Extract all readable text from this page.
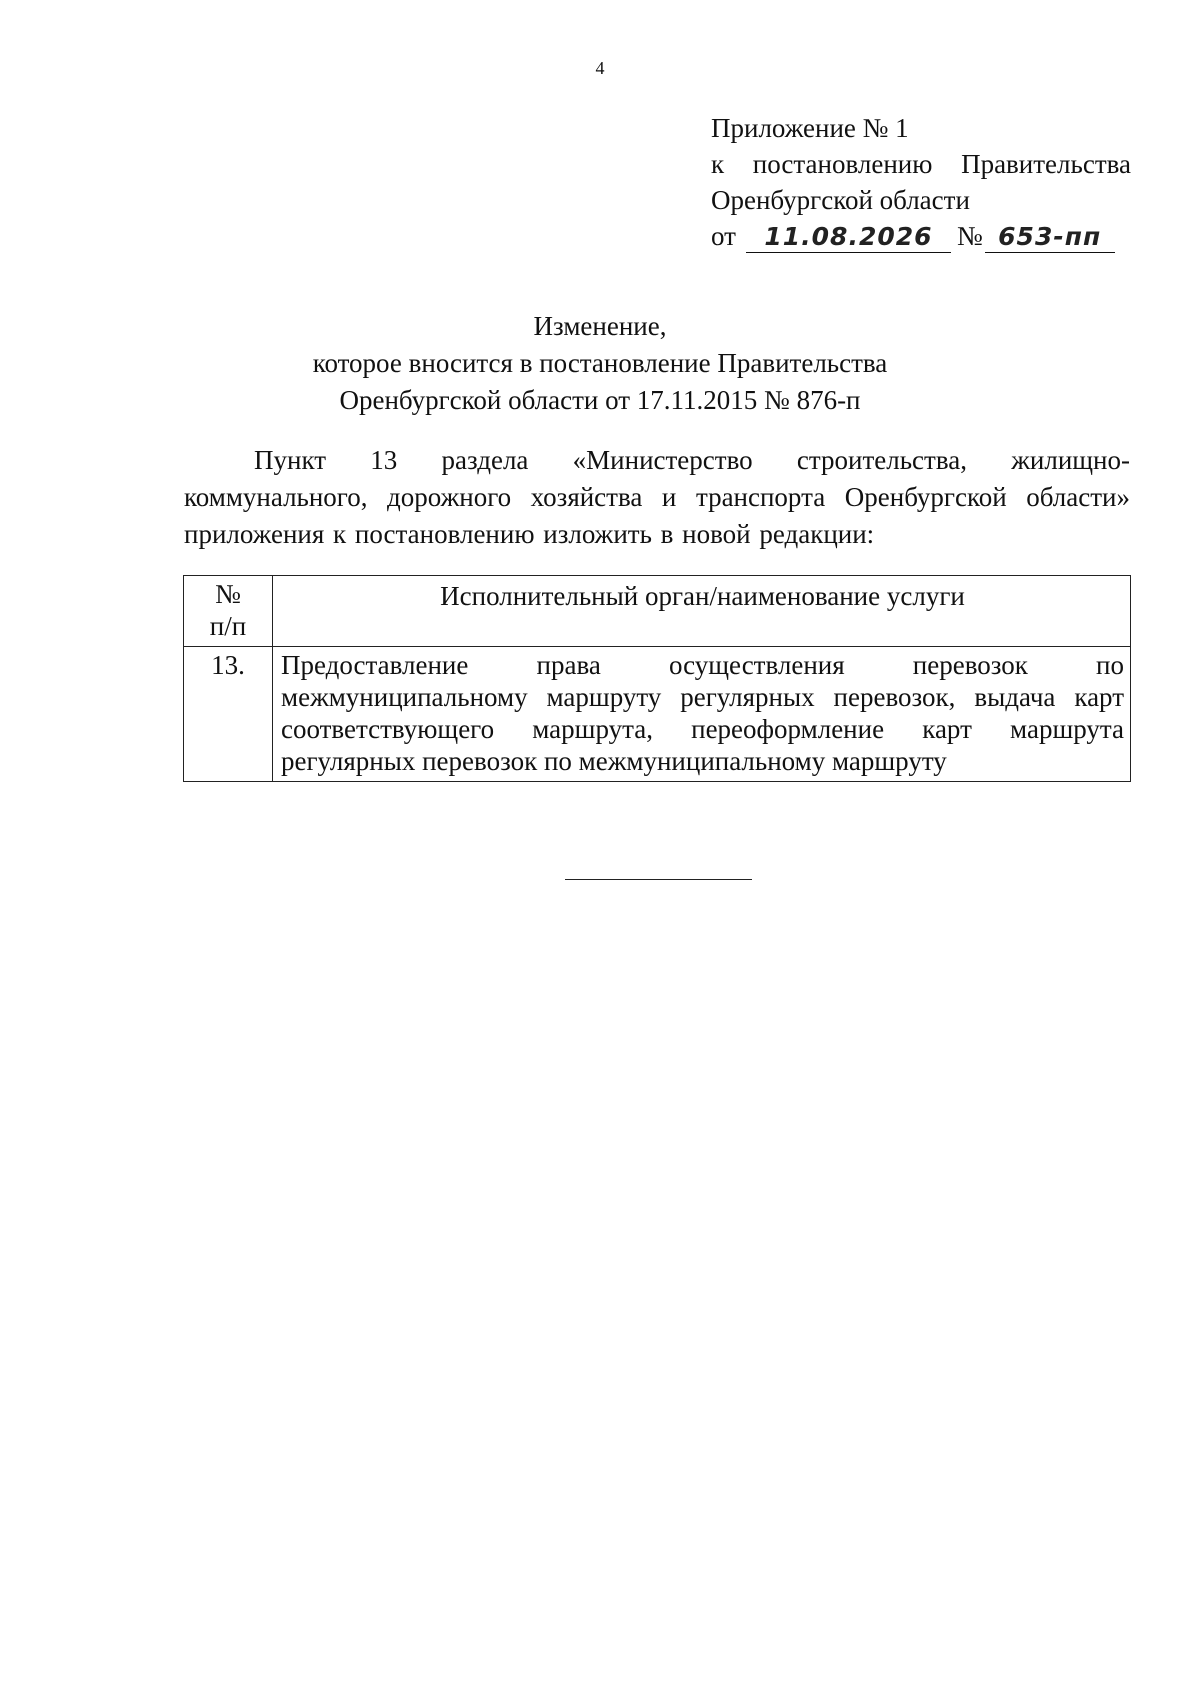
4
Приложение № 1
к постановлению Правительства
Оренбургской области
от	11.08.2026 № 653-пп
Изменение,
которое вносится в постановление Правительства
Оренбургской области от 17.11.2015 № 876-п

Пункт 13 раздела «Министерство строительства, жилищно-коммунального, дорожного хозяйства и транспорта Оренбургской области» приложения к постановлению изложить в новой редакции:

№
п/п	Исполнительный орган/наименование услуги
13.	Предоставление права осуществления перевозок по межмуниципальному маршруту регулярных перевозок, выдача карт соответствующего маршрута, переоформление карт маршрута регулярных перевозок по межмуниципальному маршруту
